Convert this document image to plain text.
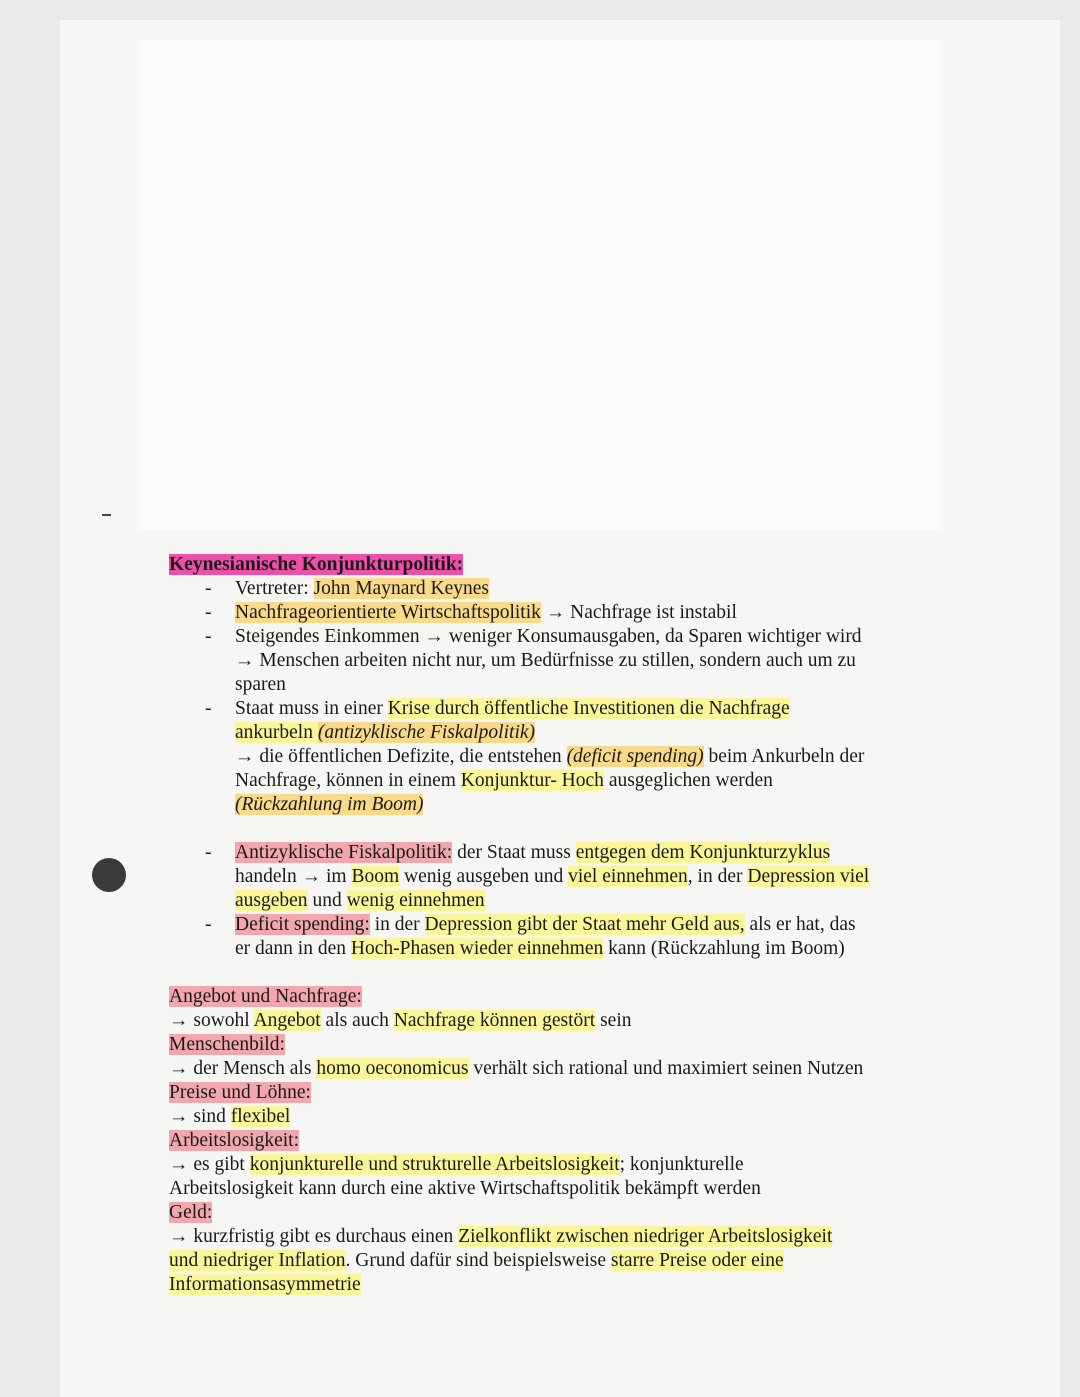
Keynesianische Konjunkturpolitik:

- Vertreter: John Maynard Keynes
- Nachfrageorientierte Wirtschaftspolitik → Nachfrage ist instabil
- Steigendes Einkommen → weniger Konsumausgaben, da Sparen wichtiger wird
→ Menschen arbeiten nicht nur, um Bedürfnisse zu stillen, sondern auch um zu
sparen
- Staat muss in einer Krise durch öffentliche Investitionen die Nachfrage
ankurbeln (antizyklische Fiskalpolitik)
→ die öffentlichen Defizite, die entstehen (deficit spending) beim Ankurbeln der
Nachfrage, können in einem Konjunktur- Hoch ausgeglichen werden
(Rückzahlung im Boom)
- Antizyklische Fiskalpolitik: der Staat muss entgegen dem Konjunkturzyklus
handeln → im Boom wenig ausgeben und viel einnehmen, in der Depression viel
ausgeben und wenig einnehmen
- Deficit spending: in der Depression gibt der Staat mehr Geld aus, als er hat, das
er dann in den Hoch-Phasen wieder einnehmen kann (Rückzahlung im Boom)
Angebot und Nachfrage:
→ sowohl Angebot als auch Nachfrage können gestört sein
Menschenbild:
→ der Mensch als homo oeconomicus verhält sich rational und maximiert seinen Nutzen
Preise und Löhne:
→ sind flexibel
Arbeitslosigkeit:
→ es gibt konjunkturelle und strukturelle Arbeitslosigkeit; konjunkturelle
Arbeitslosigkeit kann durch eine aktive Wirtschaftspolitik bekämpft werden
Geld:
→ kurzfristig gibt es durchaus einen Zielkonflikt zwischen niedriger Arbeitslosigkeit
und niedriger Inflation. Grund dafür sind beispielsweise starre Preise oder eine
Informationsasymmetrie
